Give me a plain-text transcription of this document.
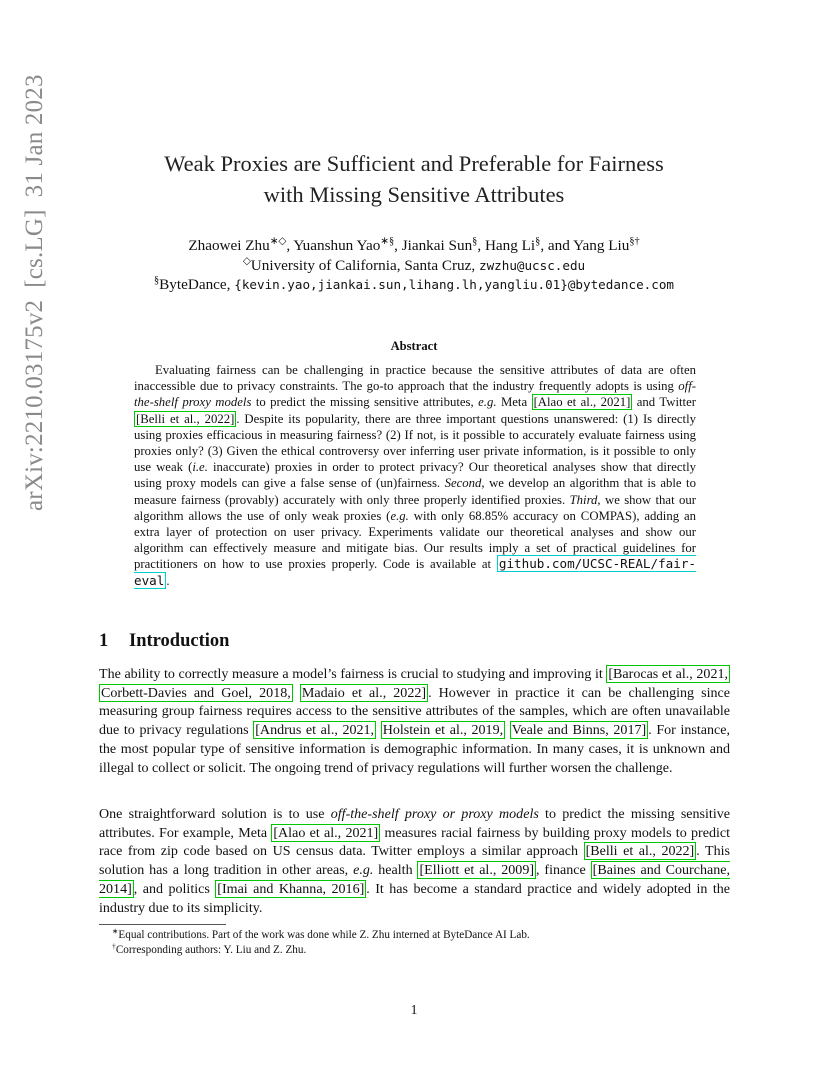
arXiv:2210.03175v2[cs.LG]31 Jan 2023	Weak Proxies are Sufficient and Preferable for Fairness
with Missing Sensitive Attributes
Zhaowei Zhu∗◇, Yuanshun Yao∗§, Jiankai Sun§, Hang Li§, and Yang Liu§†
◇University of California, Santa Cruz, zwzhu@ucsc.edu
§ByteDance, {kevin.yao,jiankai.sun,lihang.lh,yangliu.01}@bytedance.com
Abstract

Evaluating fairness can be challenging in practice because the sensitive attributes of data are often inaccessible due to privacy constraints. The go-to approach that the industry frequently adopts is using off-the-shelf proxy models to predict the missing sensitive attributes, e.g. Meta [Alao et al., 2021] and Twitter [Belli et al., 2022] . Despite its popularity, there are three important questions unanswered: (1) Is directly using proxies efficacious in measuring fairness? (2) If not, is it possible to accurately evaluate fairness using proxies only? (3) Given the ethical controversy over inferring user private information, is it possible to only use weak (i.e. inaccurate) proxies in order to protect privacy? Our theoretical analyses show that directly using proxy models can give a false sense of (un)fairness. Second, we develop an algorithm that is able to measure fairness (provably) accurately with only three properly identified proxies. Third, we show that our algorithm allows the use of only weak proxies (e.g. with only 68.85% accuracy on COMPAS), adding an extra layer of protection on user privacy. Experiments validate our theoretical analyses and show our algorithm can effectively measure and mitigate bias. Our results imply a set of practical guidelines for practitioners on how to use proxies properly. Code is available at github.com/UCSC-REAL/fair-eval .

1 Introduction

The ability to correctly measure a model’s fairness is crucial to studying and improving it [Barocas et al., 2021, Corbett-Davies and Goel, 2018, Madaio et al., 2022] . However in practice it can be challenging since measuring group fairness requires access to the sensitive attributes of the samples, which are often unavailable due to privacy regulations [Andrus et al., 2021, Holstein et al., 2019, Veale and Binns, 2017] . For instance, the most popular type of sensitive information is demographic information. In many cases, it is unknown and illegal to collect or solicit. The ongoing trend of privacy regulations will further worsen the challenge.

One straightforward solution is to use off-the-shelf proxy or proxy models to predict the missing sensitive attributes. For example, Meta [Alao et al., 2021] measures racial fairness by building proxy models to predict race from zip code based on US census data. Twitter employs a similar approach [Belli et al., 2022] . This solution has a long tradition in other areas, e.g. health [Elliott et al., 2009] , finance [Baines and Courchane, 2014] , and politics [Imai and Khanna, 2016] . It has become a standard practice and widely adopted in the industry due to its simplicity.

∗Equal contributions. Part of the work was done while Z. Zhu interned at ByteDance AI Lab.
†Corresponding authors: Y. Liu and Z. Zhu.
1
